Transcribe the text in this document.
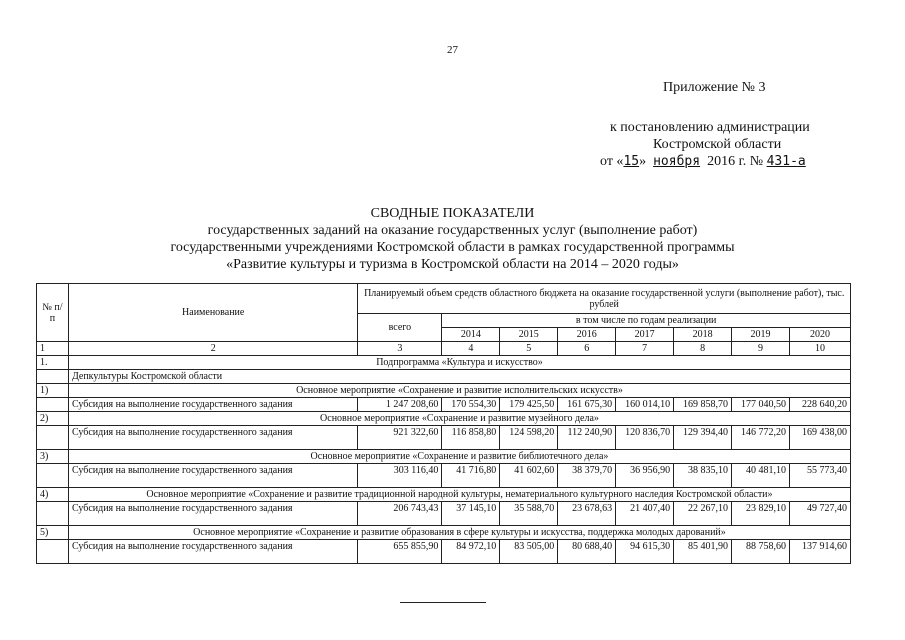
27
Приложение № 3
к постановлению администрации
Костромской области
от «15» ноября 2016 г. № 431-а
СВОДНЫЕ ПОКАЗАТЕЛИ
государственных заданий на оказание государственных услуг (выполнение работ)
государственными учреждениями Костромской области в рамках государственной программы
«Развитие культуры и туризма в Костромской области на 2014 – 2020 годы»
№ п/п	Наименование	Планируемый объем средств областного бюджета на оказание государственной услуги (выполнение работ), тыс. рублей							
		всего	в том числе по годам реализации						
			2014	2015	2016	2017	2018	2019	2020
1	2	3	4	5	6	7	8	9	10
1.	Подпрограмма «Культура и искусство»								
	Депкультуры Костромской области								
1)	Основное мероприятие «Сохранение и развитие исполнительских искусств»								
	Субсидия на выполнение государственного задания	1 247 208,60	170 554,30	179 425,50	161 675,30	160 014,10	169 858,70	177 040,50	228 640,20
2)	Основное мероприятие «Сохранение и развитие музейного дела»								
	Субсидия на выполнение государственного задания	921 322,60	116 858,80	124 598,20	112 240,90	120 836,70	129 394,40	146 772,20	169 438,00
3)	Основное мероприятие «Сохранение и развитие библиотечного дела»								
	Субсидия на выполнение государственного задания	303 116,40	41 716,80	41 602,60	38 379,70	36 956,90	38 835,10	40 481,10	55 773,40
4)	Основное мероприятие «Сохранение и развитие традиционной народной культуры, нематериального культурного наследия Костромской области»								
	Субсидия на выполнение государственного задания	206 743,43	37 145,10	35 588,70	23 678,63	21 407,40	22 267,10	23 829,10	49 727,40
5)	Основное мероприятие «Сохранение и развитие образования в сфере культуры и искусства, поддержка молодых дарований»								
	Субсидия на выполнение государственного задания	655 855,90	84 972,10	83 505,00	80 688,40	94 615,30	85 401,90	88 758,60	137 914,60
